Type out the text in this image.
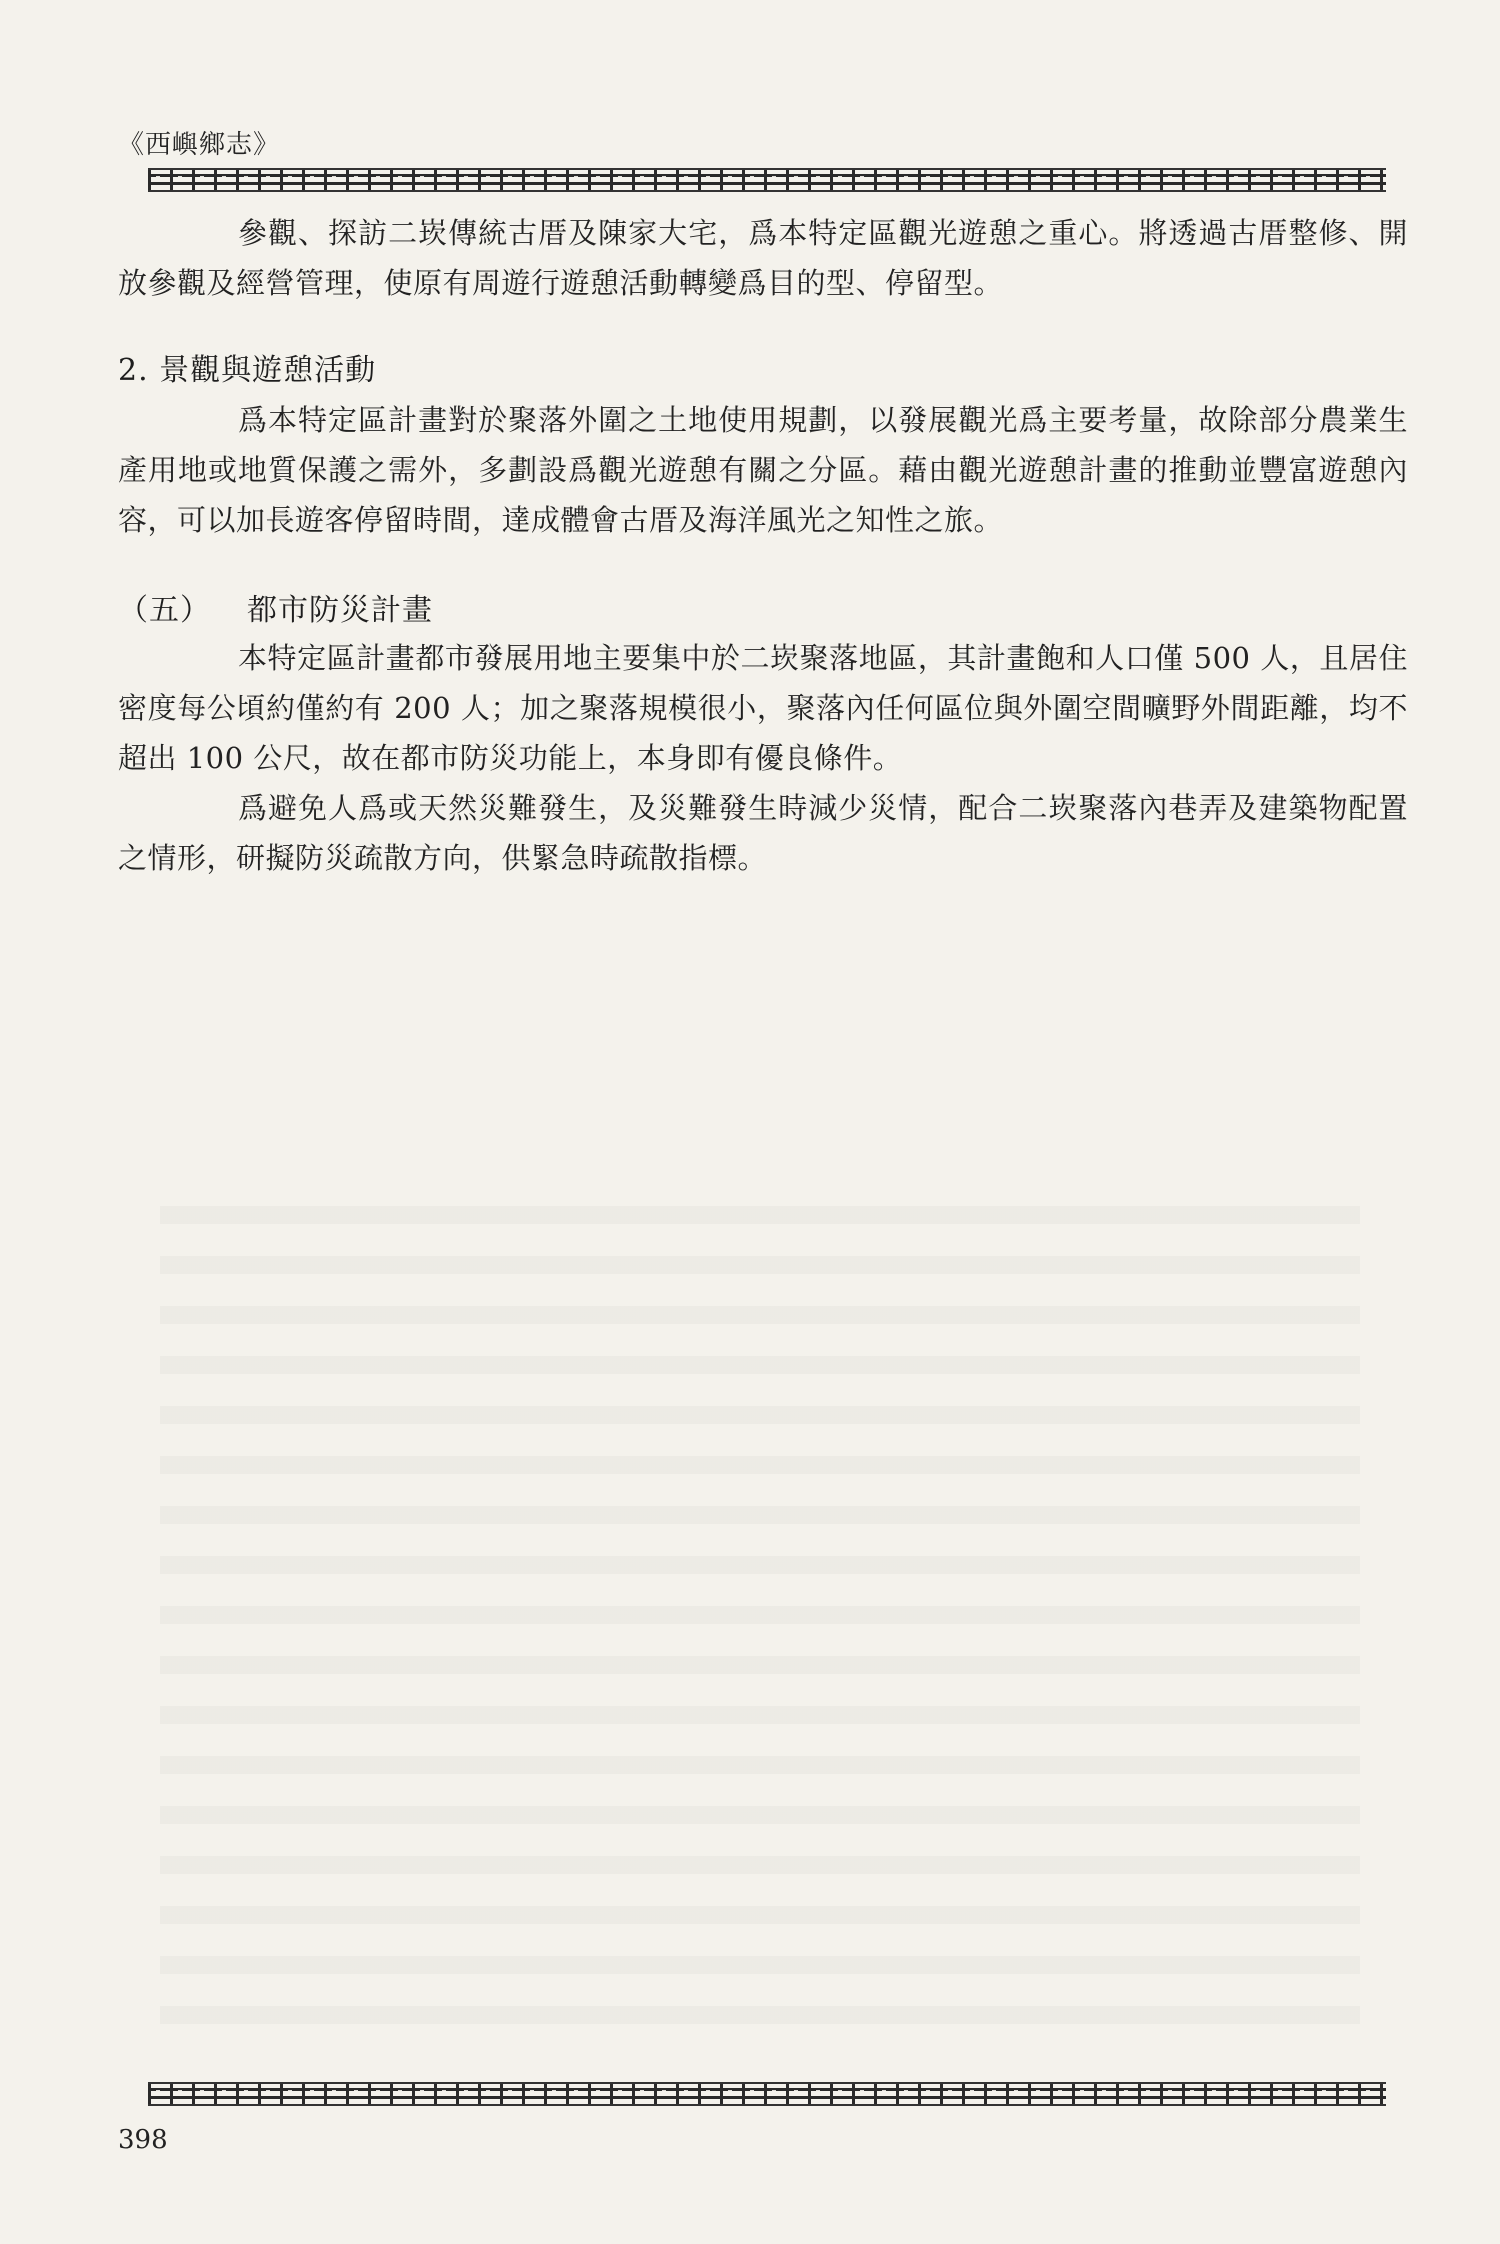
《西嶼鄉志》

參觀、探訪二崁傳統古厝及陳家大宅，爲本特定區觀光遊憩之重心。將透過古厝整修、開放參觀及經營管理，使原有周遊行遊憩活動轉變爲目的型、停留型。

2. 景觀與遊憩活動

爲本特定區計畫對於聚落外圍之土地使用規劃，以發展觀光爲主要考量，故除部分農業生產用地或地質保護之需外，多劃設爲觀光遊憩有關之分區。藉由觀光遊憩計畫的推動並豐富遊憩內容，可以加長遊客停留時間，達成體會古厝及海洋風光之知性之旅。

（五） 都市防災計畫

本特定區計畫都市發展用地主要集中於二崁聚落地區，其計畫飽和人口僅 500 人，且居住密度每公頃約僅約有 200 人；加之聚落規模很小，聚落內任何區位與外圍空間曠野外間距離，均不超出 100 公尺，故在都市防災功能上，本身即有優良條件。

爲避免人爲或天然災難發生，及災難發生時減少災情，配合二崁聚落內巷弄及建築物配置之情形，研擬防災疏散方向，供緊急時疏散指標。

398
